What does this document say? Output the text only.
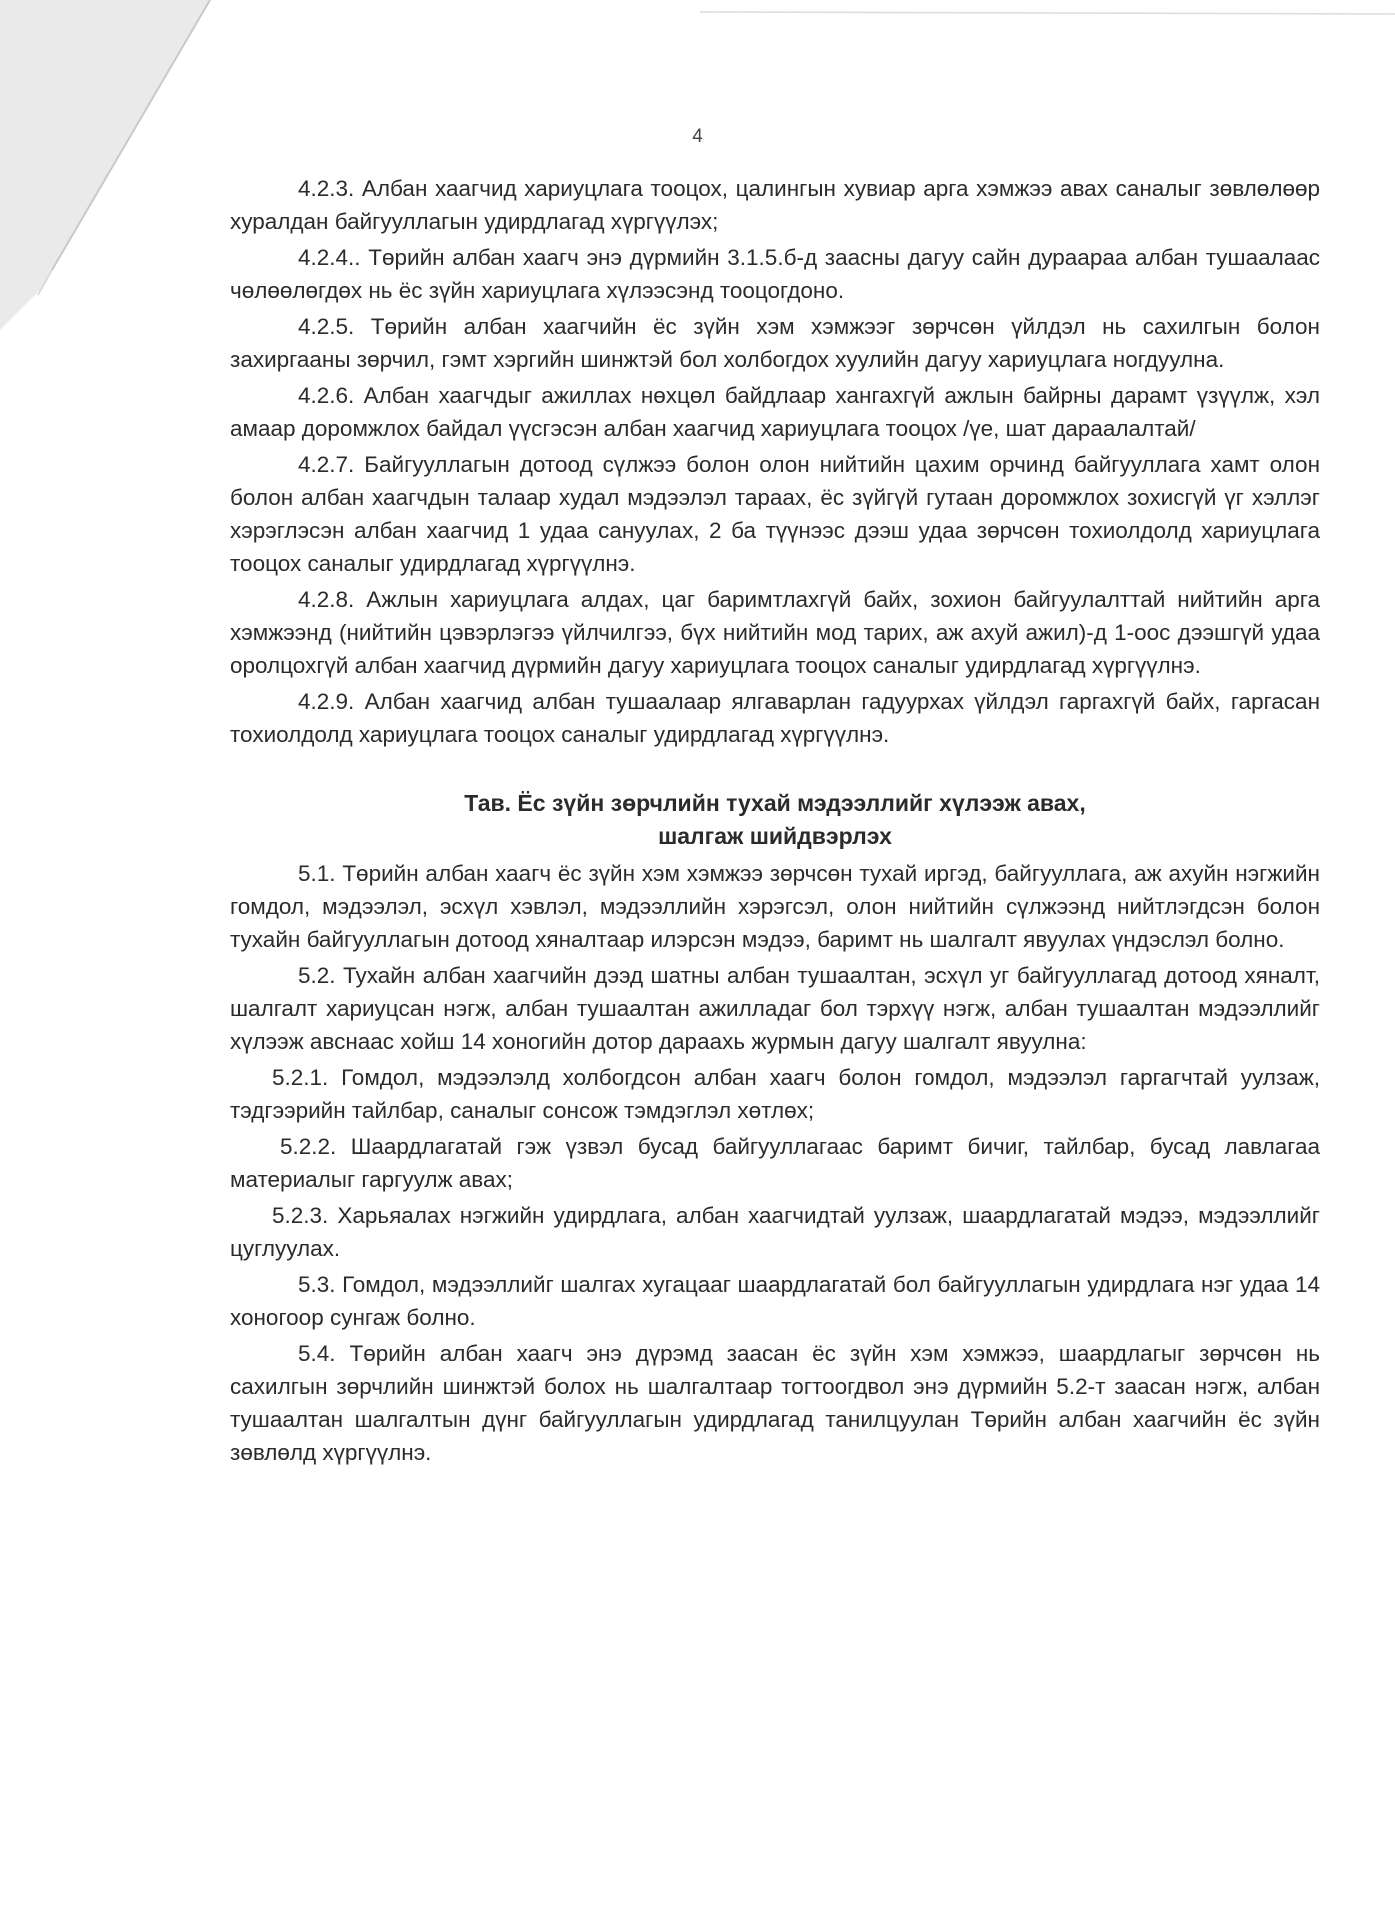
4

4.2.3. Албан хаагчид хариуцлага тооцох, цалингын хувиар арга хэмжээ авах саналыг зөвлөлөөр хуралдан байгууллагын удирдлагад хүргүүлэх;

4.2.4.. Төрийн албан хаагч энэ дүрмийн 3.1.5.б-д заасны дагуу сайн дураараа албан тушаалаас чөлөөлөгдөх нь ёс зүйн хариуцлага хүлээсэнд тооцогдоно.

4.2.5. Төрийн албан хаагчийн ёс зүйн хэм хэмжээг зөрчсөн үйлдэл нь сахилгын болон захиргааны зөрчил, гэмт хэргийн шинжтэй бол холбогдох хуулийн дагуу хариуцлага ногдуулна.

4.2.6. Албан хаагчдыг ажиллах нөхцөл байдлаар хангахгүй ажлын байрны дарамт үзүүлж, хэл амаар доромжлох байдал үүсгэсэн албан хаагчид хариуцлага тооцох /үе, шат дараалалтай/

4.2.7. Байгууллагын дотоод сүлжээ болон олон нийтийн цахим орчинд байгууллага хамт олон болон албан хаагчдын талаар худал мэдээлэл тараах, ёс зүйгүй гутаан доромжлох зохисгүй үг хэллэг хэрэглэсэн албан хаагчид 1 удаа сануулах, 2 ба түүнээс дээш удаа зөрчсөн тохиолдолд хариуцлага тооцох саналыг удирдлагад хүргүүлнэ.

4.2.8. Ажлын хариуцлага алдах, цаг баримтлахгүй байх, зохион байгуулалттай нийтийн арга хэмжээнд (нийтийн цэвэрлэгээ үйлчилгээ, бүх нийтийн мод тарих, аж ахуй ажил)-д 1-оос дээшгүй удаа оролцохгүй албан хаагчид дүрмийн дагуу хариуцлага тооцох саналыг удирдлагад хүргүүлнэ.

4.2.9. Албан хаагчид албан тушаалаар ялгаварлан гадуурхах үйлдэл гаргахгүй байх, гаргасан тохиолдолд хариуцлага тооцох саналыг удирдлагад хүргүүлнэ.

Тав. Ёс зүйн зөрчлийн тухай мэдээллийг хүлээж авах,
шалгаж шийдвэрлэх

5.1. Төрийн албан хаагч ёс зүйн хэм хэмжээ зөрчсөн тухай иргэд, байгууллага, аж ахуйн нэгжийн гомдол, мэдээлэл, эсхүл хэвлэл, мэдээллийн хэрэгсэл, олон нийтийн сүлжээнд нийтлэгдсэн болон тухайн байгууллагын дотоод хяналтаар илэрсэн мэдээ, баримт нь шалгалт явуулах үндэслэл болно.

5.2. Тухайн албан хаагчийн дээд шатны албан тушаалтан, эсхүл уг байгууллагад дотоод хяналт, шалгалт хариуцсан нэгж, албан тушаалтан ажилладаг бол тэрхүү нэгж, албан тушаалтан мэдээллийг хүлээж авснаас хойш 14 хоногийн дотор дараахь журмын дагуу шалгалт явуулна:

5.2.1. Гомдол, мэдээлэлд холбогдсон албан хаагч болон гомдол, мэдээлэл гаргагчтай уулзаж, тэдгээрийн тайлбар, саналыг сонсож тэмдэглэл хөтлөх;

5.2.2. Шаардлагатай гэж үзвэл бусад байгууллагаас баримт бичиг, тайлбар, бусад лавлагаа материалыг гаргуулж авах;

5.2.3. Харьяалах нэгжийн удирдлага, албан хаагчидтай уулзаж, шаардлагатай мэдээ, мэдээллийг цуглуулах.

5.3. Гомдол, мэдээллийг шалгах хугацааг шаардлагатай бол байгууллагын удирдлага нэг удаа 14 хоногоор сунгаж болно.

5.4. Төрийн албан хаагч энэ дүрэмд заасан ёс зүйн хэм хэмжээ, шаардлагыг зөрчсөн нь сахилгын зөрчлийн шинжтэй болох нь шалгалтаар тогтоогдвол энэ дүрмийн 5.2-т заасан нэгж, албан тушаалтан шалгалтын дүнг байгууллагын удирдлагад танилцуулан Төрийн албан хаагчийн ёс зүйн зөвлөлд хүргүүлнэ.
